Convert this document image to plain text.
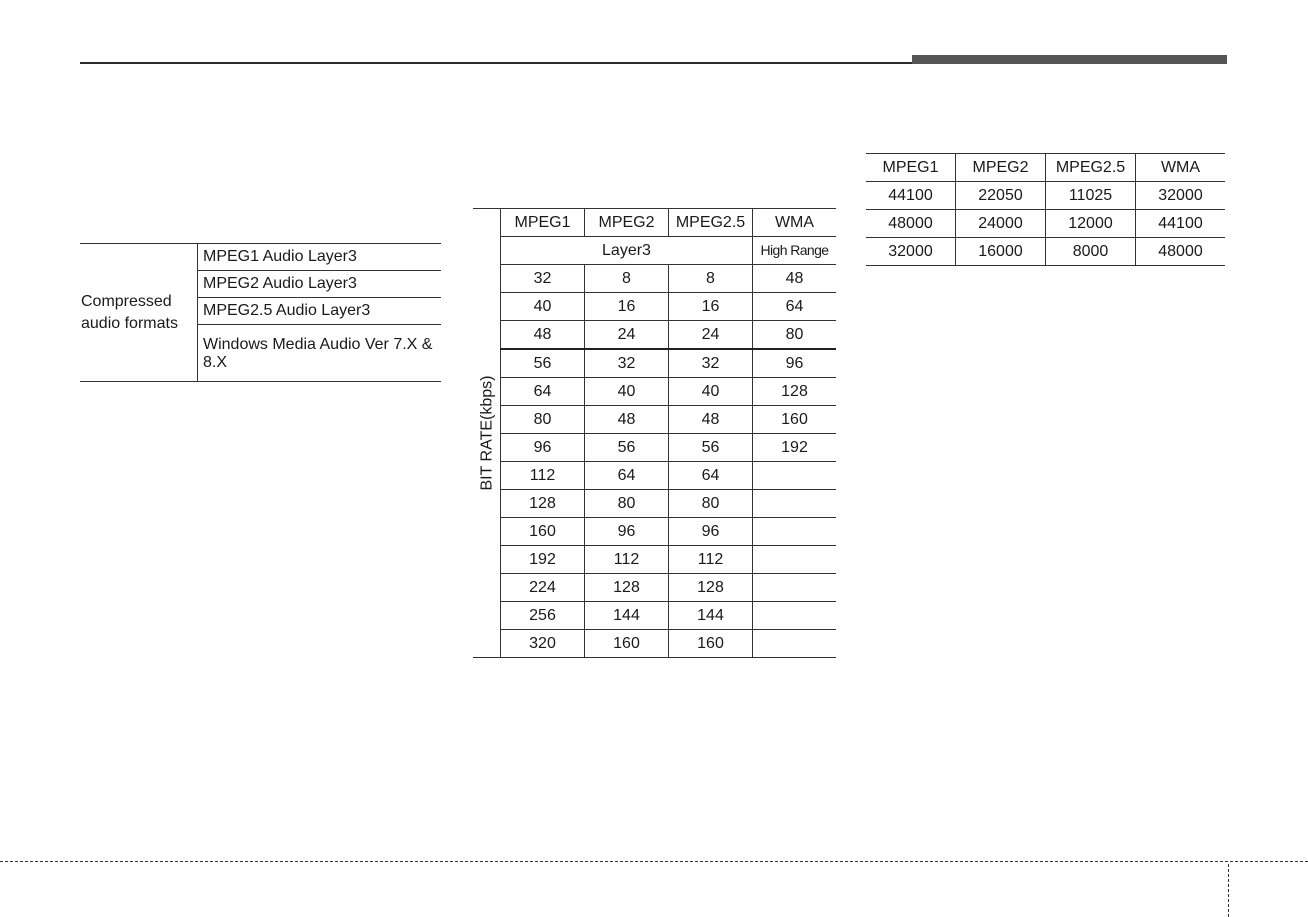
Compressed audio formats	MPEG1 Audio Layer3
MPEG2 Audio Layer3
MPEG2.5 Audio Layer3
Windows Media Audio Ver 7.X & 8.X
BIT RATE(kbps)	MPEG1	MPEG2	MPEG2.5	WMA
	Layer3			High Range
	32	8	8	48
	40	16	16	64
	48	24	24	80
	56	32	32	96
	64	40	40	128
	80	48	48	160
	96	56	56	192
	112	64	64	
	128	80	80	
	160	96	96	
	192	112	112	
	224	128	128	
	256	144	144	
	320	160	160	
MPEG1	MPEG2	MPEG2.5	WMA
44100	22050	11025	32000
48000	24000	12000	44100
32000	16000	8000	48000
